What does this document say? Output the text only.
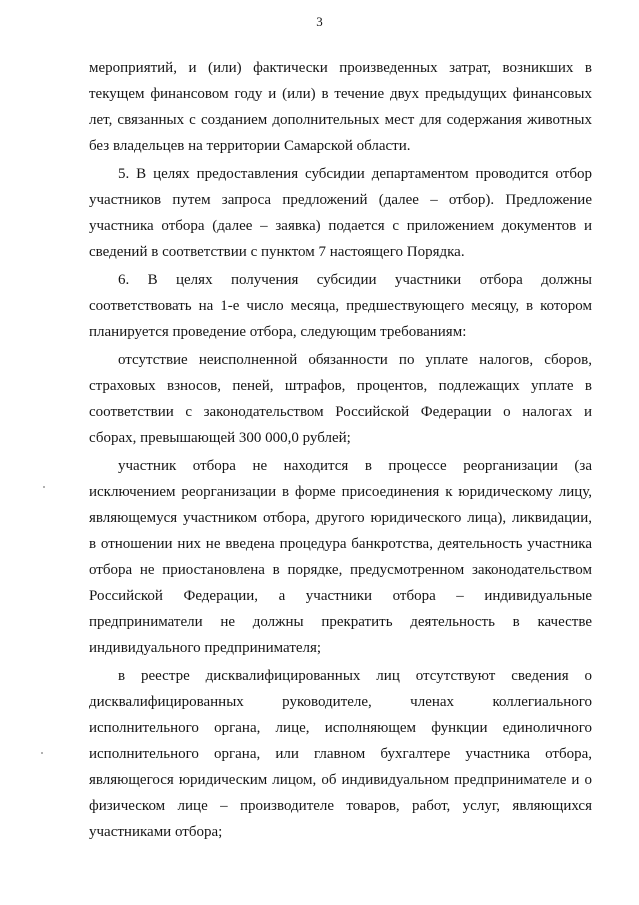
3

мероприятий, и (или) фактически произведенных затрат, возникших в

текущем финансовом году и (или) в течение двух предыдущих финансовых

лет, связанных с созданием дополнительных мест для содержания животных

без владельцев на территории Самарской области.

5. В целях предоставления субсидии департаментом проводится отбор

участников путем запроса предложений (далее – отбор). Предложение

участника отбора (далее – заявка) подается с приложением документов и

сведений в соответствии с пунктом 7 настоящего Порядка.

6. В целях получения субсидии участники отбора должны

соответствовать на 1-е число месяца, предшествующего месяцу, в котором

планируется проведение отбора, следующим требованиям:

отсутствие неисполненной обязанности по уплате налогов, сборов,

страховых взносов, пеней, штрафов, процентов, подлежащих уплате в

соответствии с законодательством Российской Федерации о налогах и

сборах, превышающей 300 000,0 рублей;

участник отбора не находится в процессе реорганизации (за

исключением реорганизации в форме присоединения к юридическому лицу,

являющемуся участником отбора, другого юридического лица), ликвидации,

в отношении них не введена процедура банкротства, деятельность участника

отбора не приостановлена в порядке, предусмотренном законодательством

Российской Федерации, а участники отбора – индивидуальные

предприниматели не должны прекратить деятельность в качестве

индивидуального предпринимателя;

в реестре дисквалифицированных лиц отсутствуют сведения о

дисквалифицированных руководителе, членах коллегиального

исполнительного органа, лице, исполняющем функции единоличного

исполнительного органа, или главном бухгалтере участника отбора,

являющегося юридическим лицом, об индивидуальном предпринимателе и о

физическом лице – производителе товаров, работ, услуг, являющихся

участниками отбора;
